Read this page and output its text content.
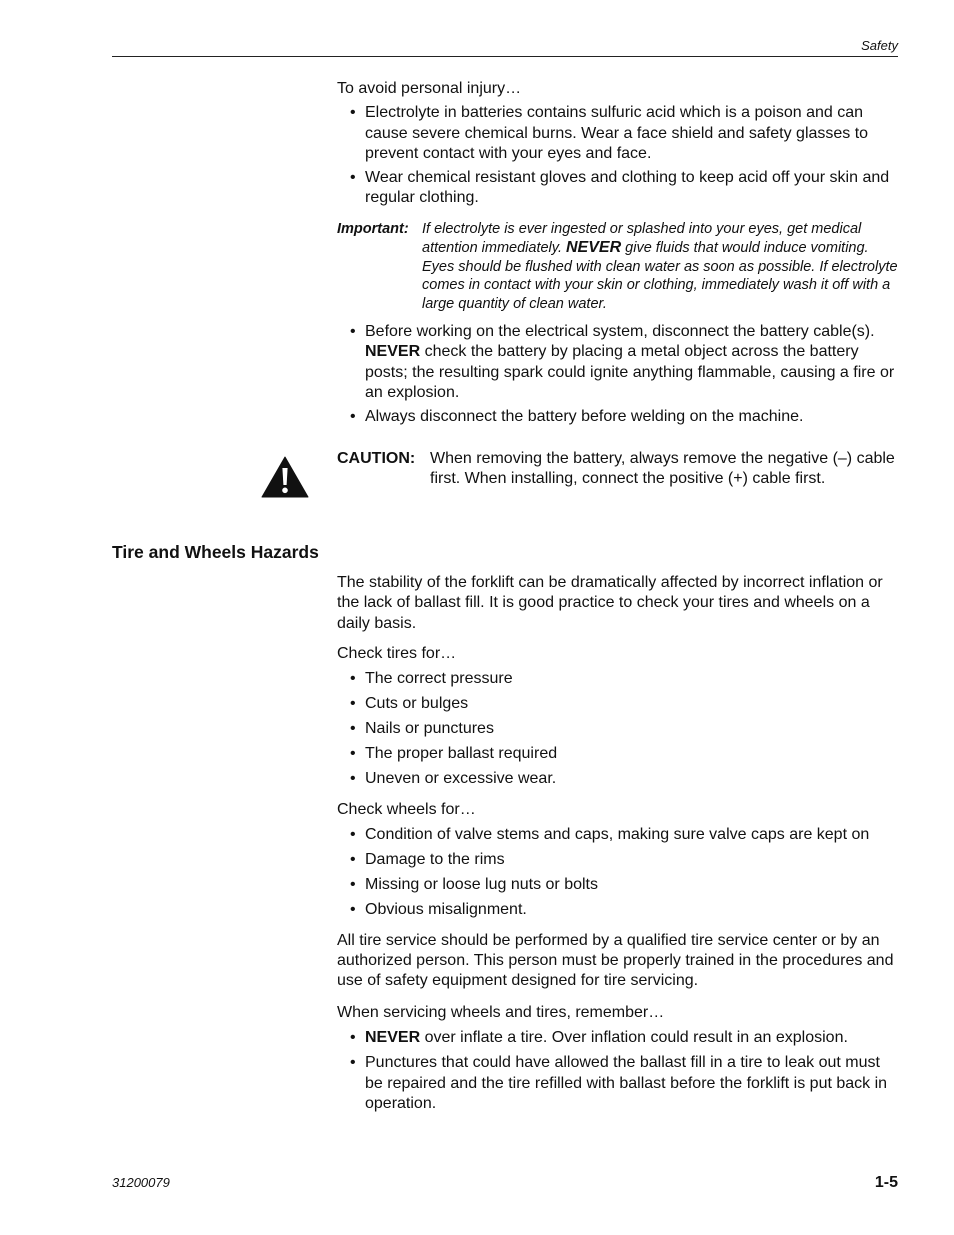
Safety

To avoid personal injury…

• Electrolyte in batteries contains sulfuric acid which is a poison and can cause severe chemical burns. Wear a face shield and safety glasses to prevent contact with your eyes and face.
• Wear chemical resistant gloves and clothing to keep acid off your skin and regular clothing.
Important: If electrolyte is ever ingested or splashed into your eyes, get medical attention immediately. NEVER give fluids that would induce vomiting. Eyes should be flushed with clean water as soon as possible. If electrolyte comes in contact with your skin or clothing, immediately wash it off with a large quantity of clean water.
• Before working on the electrical system, disconnect the battery cable(s). NEVER check the battery by placing a metal object across the battery posts; the resulting spark could ignite anything flammable, causing a fire or an explosion.
• Always disconnect the battery before welding on the machine.
CAUTION: When removing the battery, always remove the negative (–) cable first. When installing, connect the positive (+) cable first.
Tire and Wheels Hazards

The stability of the forklift can be dramatically affected by incorrect inflation or the lack of ballast fill. It is good practice to check your tires and wheels on a daily basis.

Check tires for…

• The correct pressure
• Cuts or bulges
• Nails or punctures
• The proper ballast required
• Uneven or excessive wear.

Check wheels for…

• Condition of valve stems and caps, making sure valve caps are kept on
• Damage to the rims
• Missing or loose lug nuts or bolts
• Obvious misalignment.

All tire service should be performed by a qualified tire service center or by an authorized person. This person must be properly trained in the procedures and use of safety equipment designed for tire servicing.

When servicing wheels and tires, remember…

• NEVER over inflate a tire. Over inflation could result in an explosion.
• Punctures that could have allowed the ballast fill in a tire to leak out must be repaired and the tire refilled with ballast before the forklift is put back in operation.
31200079	1-5
